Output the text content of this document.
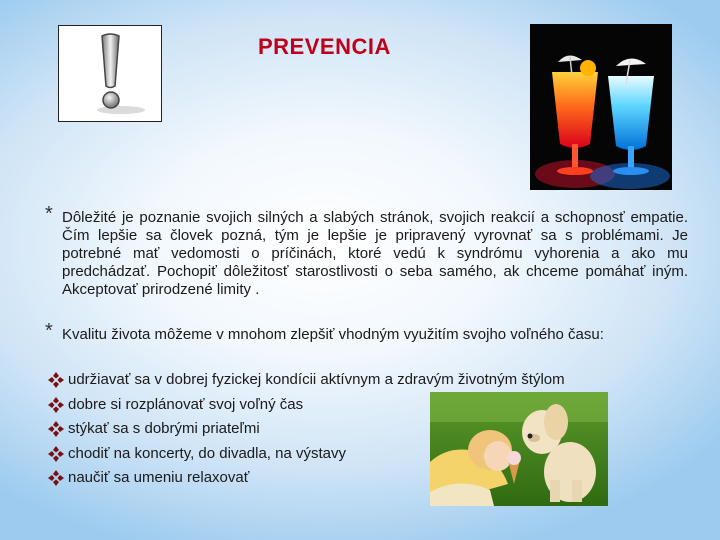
PREVENCIA
* Dôležité je poznanie svojich silných a slabých stránok, svojich reakcií a schopnosť empatie. Čím lepšie sa človek pozná, tým je lepšie je pripravený vyrovnať sa s problémami. Je potrebné mať vedomosti o príčinách, ktoré vedú k syndrómu vyhorenia a ako mu predchádzať. Pochopiť dôležitosť starostlivosti o seba samého, ak chceme pomáhať iným. Akceptovať prirodzené limity .
* Kvalitu života môžeme v mnohom zlepšiť vhodným využitím svojho voľného času:
udržiavať sa v dobrej fyzickej kondícii aktívnym a zdravým životným štýlom
dobre si rozplánovať svoj voľný čas
stýkať sa s dobrými priateľmi
chodiť na koncerty, do divadla, na výstavy
naučiť sa umeniu relaxovať
